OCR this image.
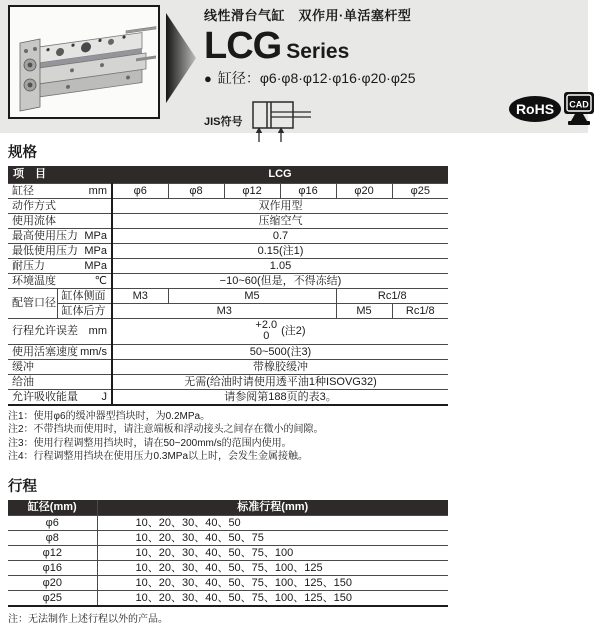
线性滑台气缸　双作用·单活塞杆型
LCG Series
● 缸径：φ6·φ8·φ12·φ16·φ20·φ25
JIS符号
RoHS CAD
规格
项　目		LCG					

缸径 mm		φ6	φ8	φ12	φ16	φ20	φ25

动作方式		双作用型					

使用流体		压缩空气					

最高使用压力 MPa		0.7					

最低使用压力 MPa		0.15(注1)					

耐压力 MPa		1.05					

环境温度 ℃		−10~60(但是，不得冻结)					
配管口径	缸体侧面	M3	M5			Rc1/8	
	缸体后方	M3				M5	Rc1/8

行程允许误差 mm		+2.0
0 (注2)					

使用活塞速度 mm/s		50~500(注3)					

缓冲		带橡胶缓冲					

给油		无需(给油时请使用透平油1种ISOVG32)					

允许吸收能量 J		请参阅第188页的表3。					
注1：使用φ6的缓冲器型挡块时，为0.2MPa。
注2：不带挡块而使用时，请注意端板和浮动接头之间存在微小的间隙。
注3：使用行程调整用挡块时，请在50~200mm/s的范围内使用。
注4：行程调整用挡块在使用压力0.3MPa以上时，会发生金属接触。
行程
缸径(mm)	标准行程(mm)
φ6	10、20、30、40、50
φ8	10、20、30、40、50、75
φ12	10、20、30、40、50、75、100
φ16	10、20、30、40、50、75、100、125
φ20	10、20、30、40、50、75、100、125、150
φ25	10、20、30、40、50、75、100、125、150
注：无法制作上述行程以外的产品。
